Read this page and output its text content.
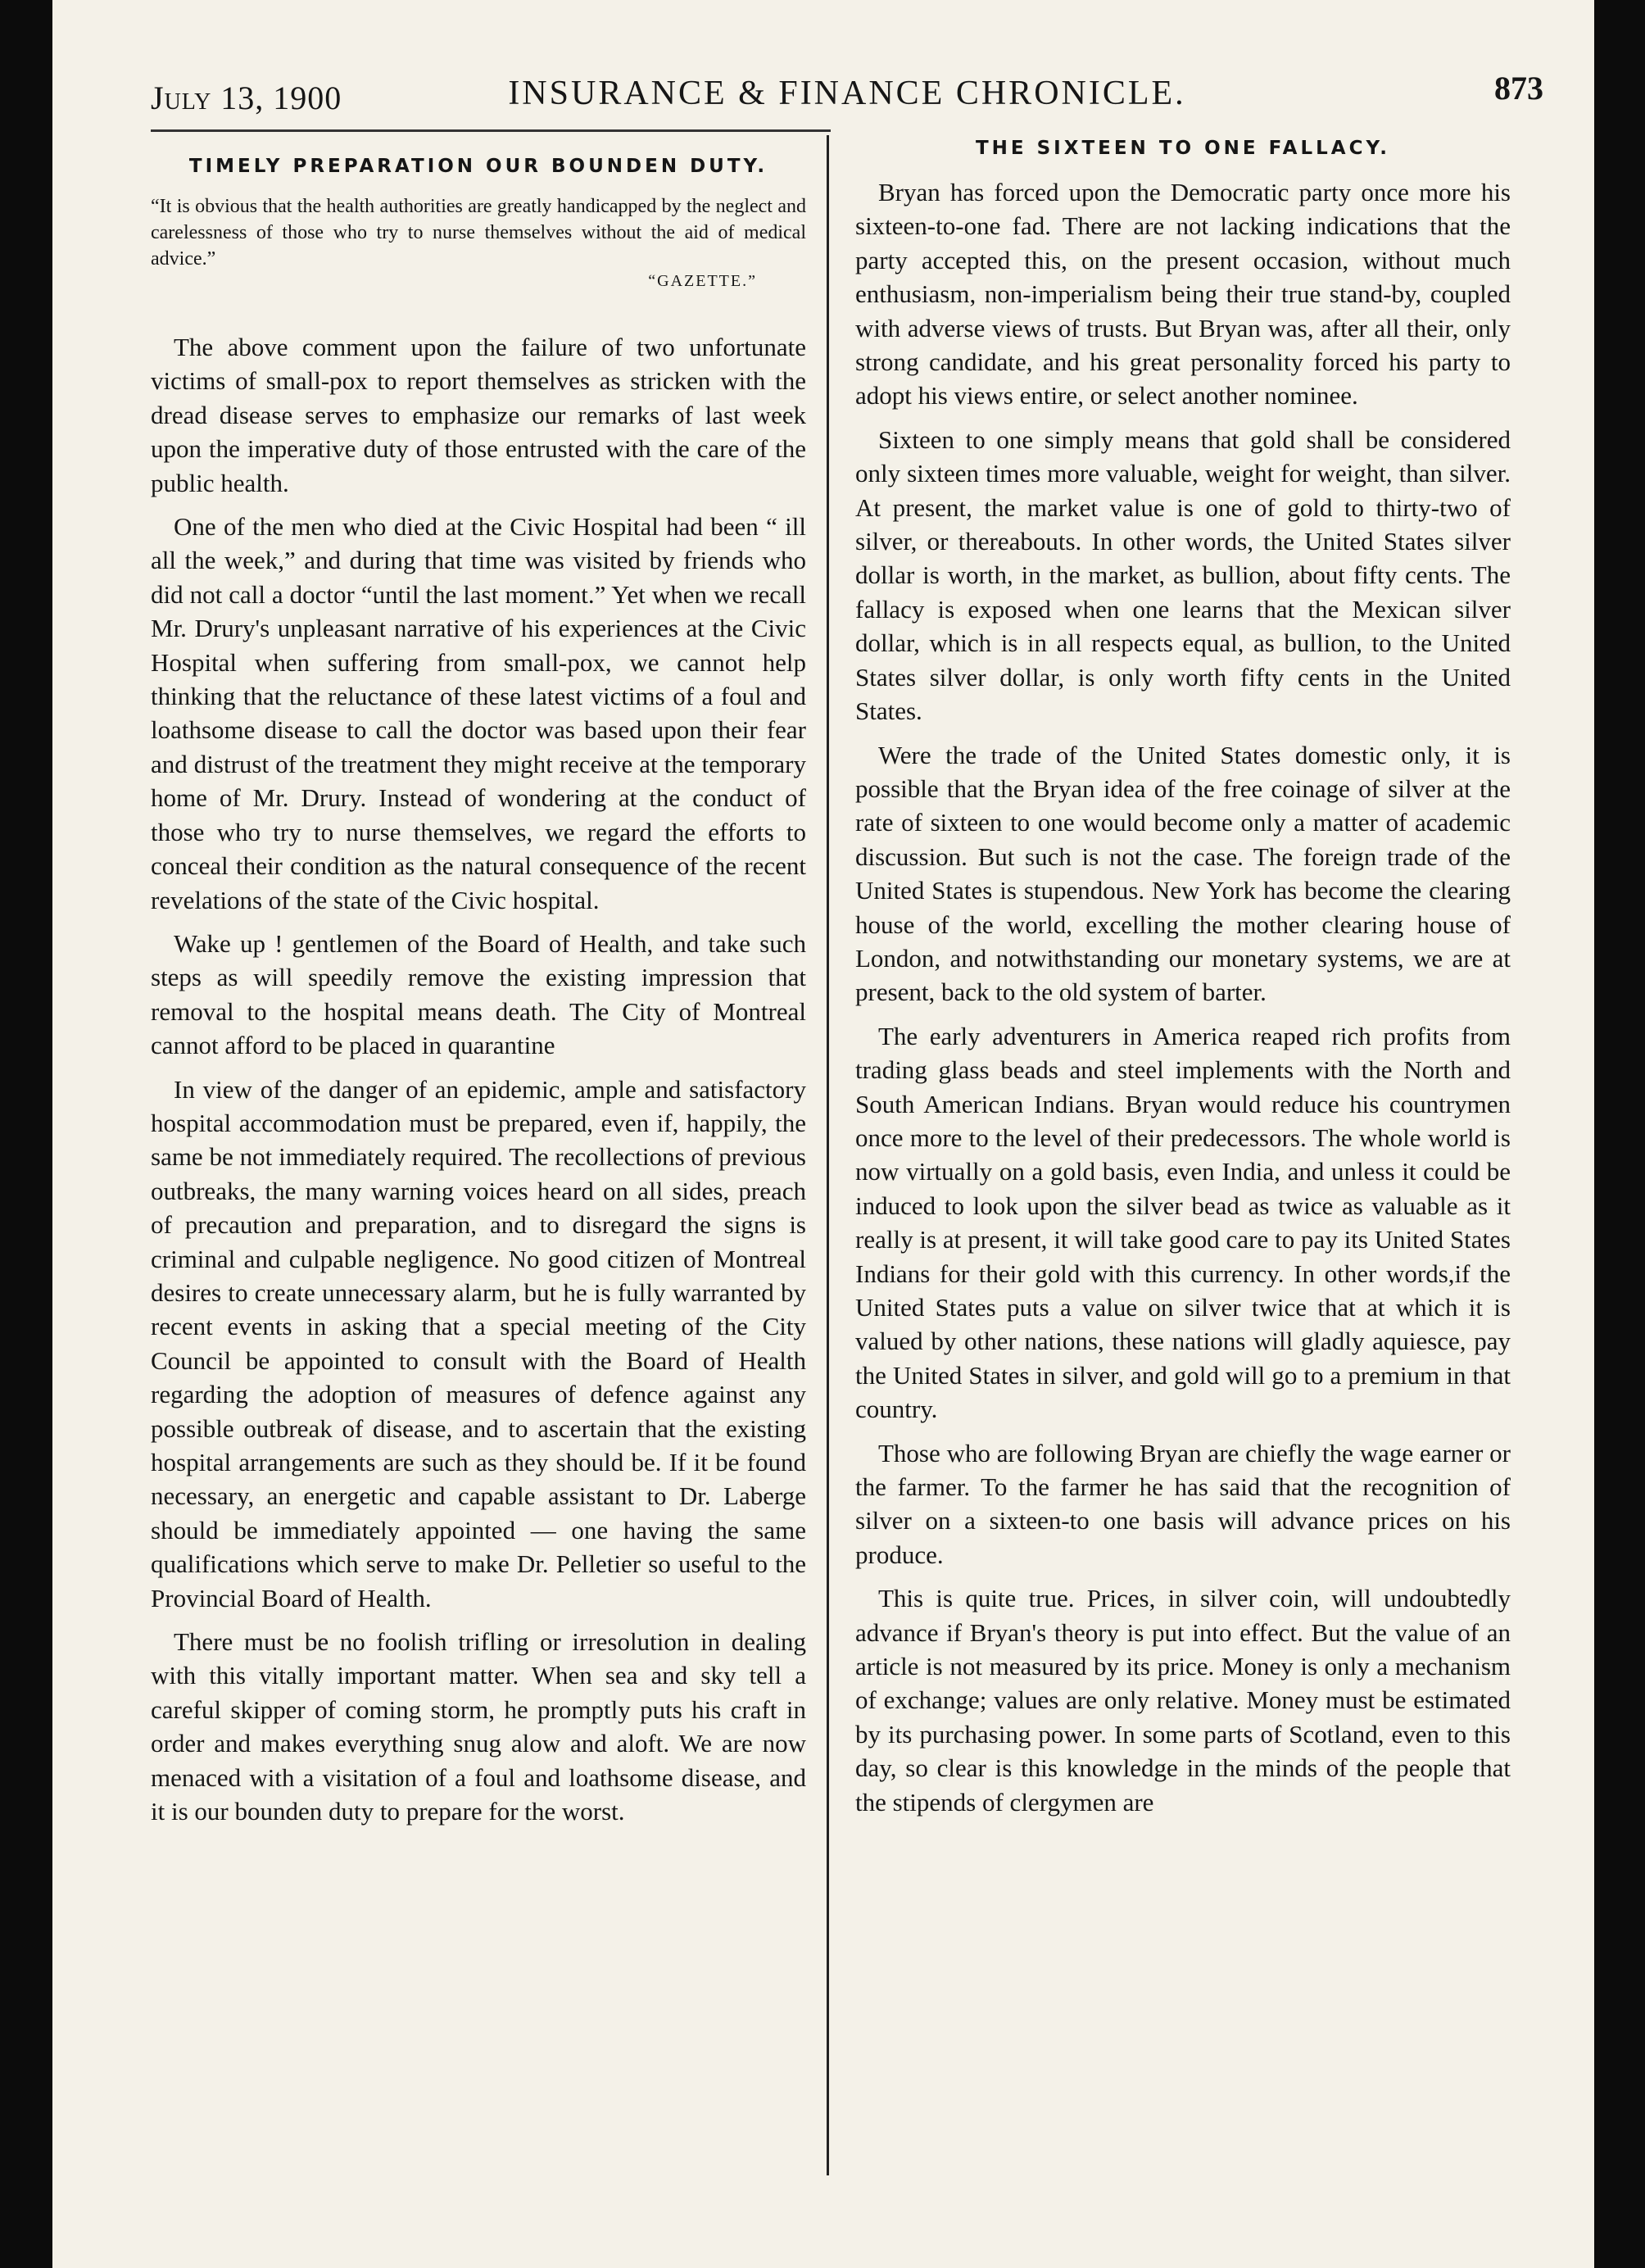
July 13, 1900	INSURANCE & FINANCE CHRONICLE.	873
TIMELY PREPARATION OUR BOUNDEN DUTY.

“It is obvious that the health authorities are greatly handicapped by the neglect and carelessness of those who try to nurse themselves without the aid of medical advice.”

“GAZETTE.”

The above comment upon the failure of two unfortunate victims of small-pox to report themselves as stricken with the dread disease serves to emphasize our remarks of last week upon the imperative duty of those entrusted with the care of the public health.

One of the men who died at the Civic Hospital had been “ ill all the week,” and during that time was visited by friends who did not call a doctor “until the last moment.” Yet when we recall Mr. Drury's unpleasant narrative of his experiences at the Civic Hospital when suffering from small-pox, we cannot help thinking that the reluctance of these latest victims of a foul and loathsome disease to call the doctor was based upon their fear and distrust of the treatment they might receive at the temporary home of Mr. Drury. Instead of wondering at the conduct of those who try to nurse themselves, we regard the efforts to conceal their condition as the natural consequence of the recent revelations of the state of the Civic hospital.

Wake up ! gentlemen of the Board of Health, and take such steps as will speedily remove the existing impression that removal to the hospital means death. The City of Montreal cannot afford to be placed in quarantine

In view of the danger of an epidemic, ample and satisfactory hospital accommodation must be prepared, even if, happily, the same be not immediately required. The recollections of previous outbreaks, the many warning voices heard on all sides, preach of precaution and preparation, and to disregard the signs is criminal and culpable negligence. No good citizen of Montreal desires to create unnecessary alarm, but he is fully warranted by recent events in asking that a special meeting of the City Council be appointed to consult with the Board of Health regarding the adoption of measures of defence against any possible outbreak of disease, and to ascertain that the existing hospital arrangements are such as they should be. If it be found necessary, an energetic and capable assistant to Dr. Laberge should be immediately appointed — one having the same qualifications which serve to make Dr. Pelletier so useful to the Provincial Board of Health.

There must be no foolish trifling or irresolution in dealing with this vitally important matter. When sea and sky tell a careful skipper of coming storm, he promptly puts his craft in order and makes everything snug alow and aloft. We are now menaced with a visitation of a foul and loathsome disease, and it is our bounden duty to prepare for the worst.

THE SIXTEEN TO ONE FALLACY.

Bryan has forced upon the Democratic party once more his sixteen-to-one fad. There are not lacking indications that the party accepted this, on the present occasion, without much enthusiasm, non-imperialism being their true stand-by, coupled with adverse views of trusts. But Bryan was, after all their, only strong candidate, and his great personality forced his party to adopt his views entire, or select another nominee.

Sixteen to one simply means that gold shall be considered only sixteen times more valuable, weight for weight, than silver. At present, the market value is one of gold to thirty-two of silver, or thereabouts. In other words, the United States silver dollar is worth, in the market, as bullion, about fifty cents. The fallacy is exposed when one learns that the Mexican silver dollar, which is in all respects equal, as bullion, to the United States silver dollar, is only worth fifty cents in the United States.

Were the trade of the United States domestic only, it is possible that the Bryan idea of the free coinage of silver at the rate of sixteen to one would become only a matter of academic discussion. But such is not the case. The foreign trade of the United States is stupendous. New York has become the clearing house of the world, excelling the mother clearing house of London, and notwithstanding our monetary systems, we are at present, back to the old system of barter.

The early adventurers in America reaped rich profits from trading glass beads and steel implements with the North and South American Indians. Bryan would reduce his countrymen once more to the level of their predecessors. The whole world is now virtually on a gold basis, even India, and unless it could be induced to look upon the silver bead as twice as valuable as it really is at present, it will take good care to pay its United States Indians for their gold with this currency. In other words,if the United States puts a value on silver twice that at which it is valued by other nations, these nations will gladly aquiesce, pay the United States in silver, and gold will go to a premium in that country.

Those who are following Bryan are chiefly the wage earner or the farmer. To the farmer he has said that the recognition of silver on a sixteen-to one basis will advance prices on his produce.

This is quite true. Prices, in silver coin, will undoubtedly advance if Bryan's theory is put into effect. But the value of an article is not measured by its price. Money is only a mechanism of exchange; values are only relative. Money must be estimated by its purchasing power. In some parts of Scotland, even to this day, so clear is this knowledge in the minds of the people that the stipends of clergymen are
